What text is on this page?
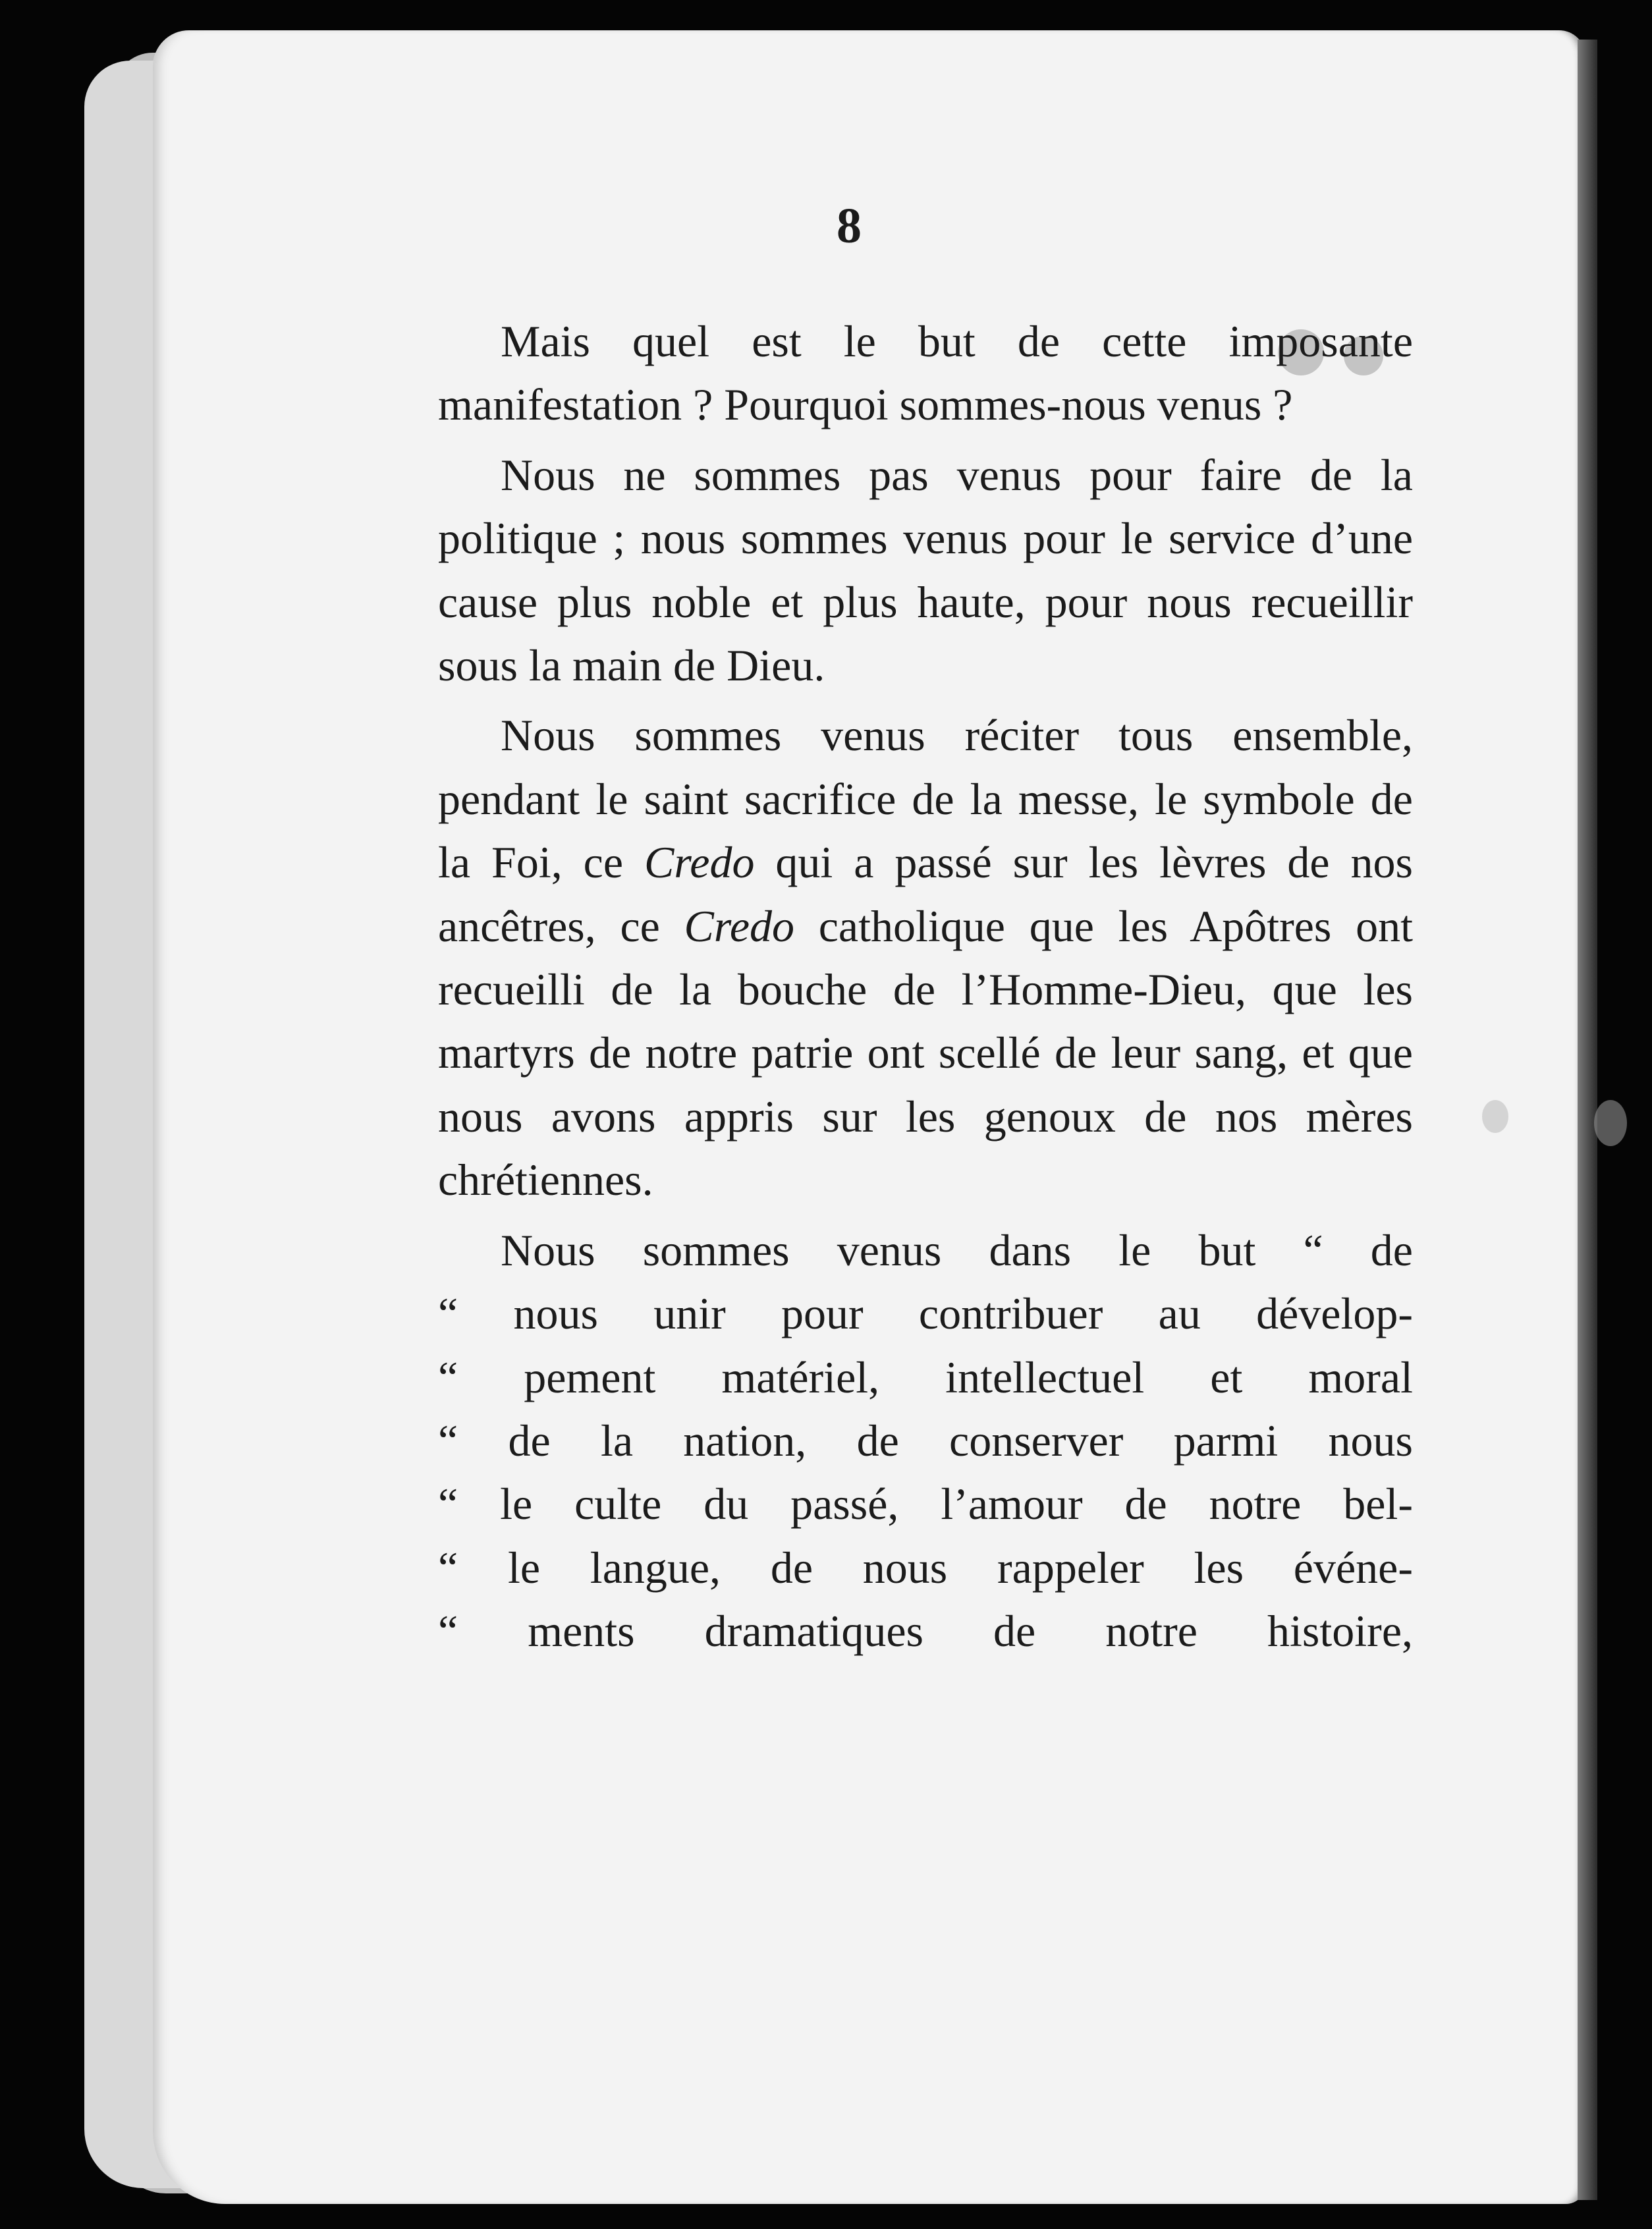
8

Mais quel est le but de cette imposante manifestation ? Pourquoi sommes-nous venus ?

Nous ne sommes pas venus pour faire de la politique ; nous sommes venus pour le service d’une cause plus noble et plus haute, pour nous recueillir sous la main de Dieu.

Nous sommes venus réciter tous ensemble, pendant le saint sacrifice de la messe, le symbole de la Foi, ce Credo qui a passé sur les lèvres de nos ancêtres, ce Credo catholique que les Apôtres ont recueilli de la bouche de l’Homme-Dieu, que les martyrs de notre patrie ont scellé de leur sang, et que nous avons appris sur les genoux de nos mères chrétiennes.

Nous sommes venus dans le but “ de
“ nous unir pour contribuer au dévelop-
“ pement matériel, intellectuel et moral
“ de la nation, de conserver parmi nous
“ le culte du passé, l’amour de notre bel-
“ le langue, de nous rappeler les événe-
“ ments dramatiques de notre histoire,
